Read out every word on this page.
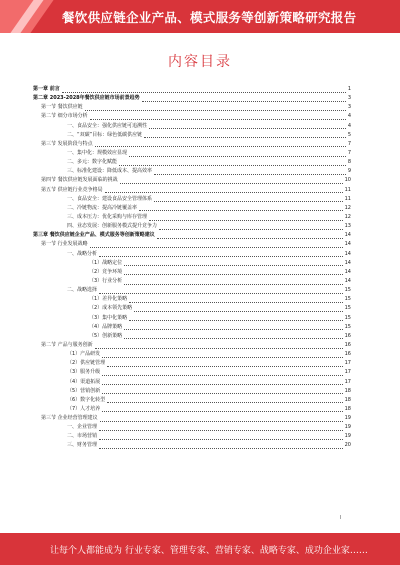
餐饮供应链企业产品、模式服务等创新策略研究报告
内容目录
第一章 前言	1
第二章 2023-2028年餐饮供应链市场前景趋势	3
第一节 餐饮供应链	3
第二节 细分市场分析	4
一、食品安全：强化供应链可追溯性	4
二、“双碳”目标：绿色低碳供应链	5
第三节 发展阶段与特点	7
一、集中化：规模效应显现	7
二、多元：数字化赋能	8
三、标准化建设：降低成本、提高效率	9
第四节 餐饮供应链发展面临的挑战	10
第五节 供应链行业竞争格局	11
一、食品安全：建设食品安全管理体系	11
二、冷链物流：提高冷链覆盖率	12
三、成本压力：优化采购与库存管理	12
四、业态发展：创新服务模式提升竞争力	13
第三章 餐饮供应链企业产品、模式服务等创新策略建议	14
第一节 行业发展战略	14
一、战略分析	14
（1）战略定位	14
（2）竞争环境	14
（3）行业分析	14
二、战略选择	15
（1）差异化策略	15
（2）成本领先策略	15
（3）集中化策略	15
（4）品牌策略	15
（5）创新策略	16
第二节 产品与服务创新	16
（1）产品研发	16
（2）供应链管理	17
（3）服务升级	17
（4）渠道拓展	17
（5）营销创新	18
（6）数字化转型	18
（7）人才培养	18
第三节 企业经营管理建议	19
一、企业管理	19
二、市场营销	19
三、财务管理	20
I
让每个人都能成为 行业专家、管理专家、营销专家、战略专家、成功企业家……
